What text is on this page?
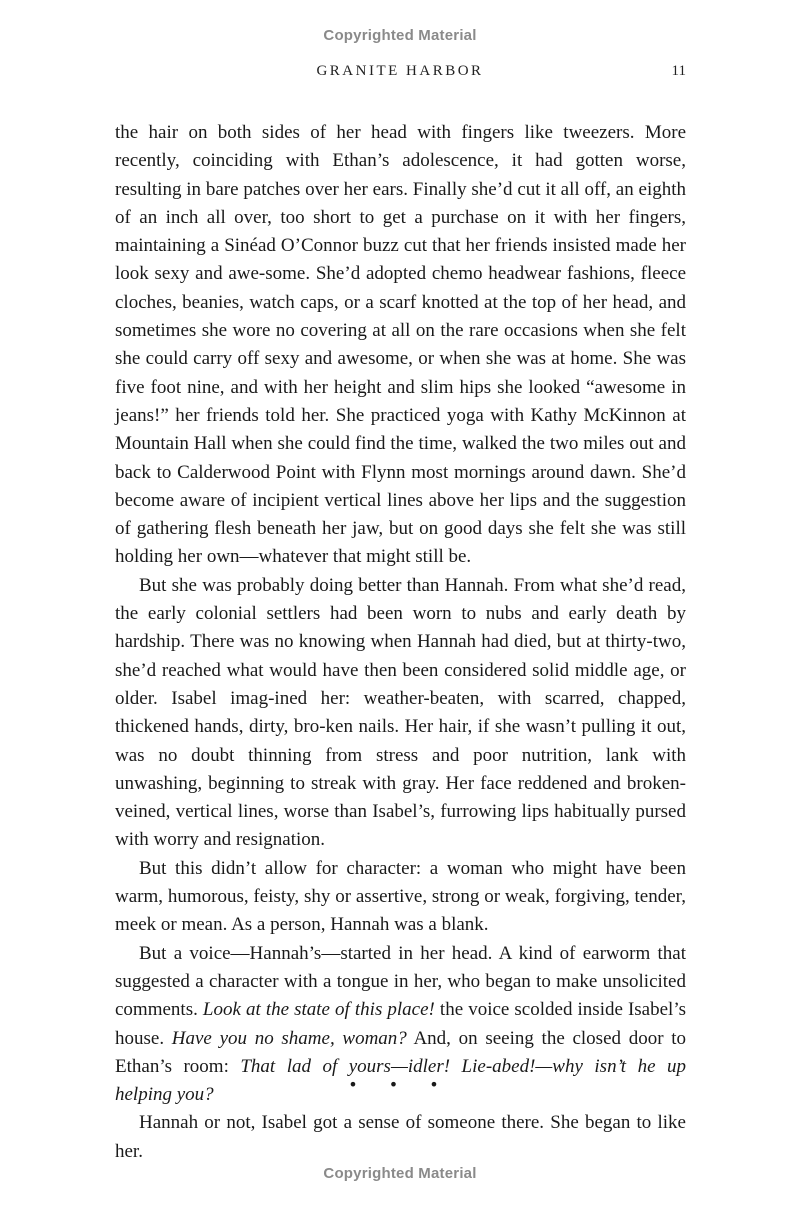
Copyrighted Material
GRANITE HARBOR	11

the hair on both sides of her head with fingers like tweezers. More recently, coinciding with Ethan’s adolescence, it had gotten worse, resulting in bare patches over her ears. Finally she’d cut it all off, an eighth of an inch all over, too short to get a purchase on it with her fingers, maintaining a Sinéad O’Connor buzz cut that her friends insisted made her look sexy and awe-some. She’d adopted chemo headwear fashions, fleece cloches, beanies, watch caps, or a scarf knotted at the top of her head, and sometimes she wore no covering at all on the rare occasions when she felt she could carry off sexy and awesome, or when she was at home. She was five foot nine, and with her height and slim hips she looked “awesome in jeans!” her friends told her. She practiced yoga with Kathy McKinnon at Mountain Hall when she could find the time, walked the two miles out and back to Calderwood Point with Flynn most mornings around dawn. She’d become aware of incipient vertical lines above her lips and the suggestion of gathering flesh beneath her jaw, but on good days she felt she was still holding her own—whatever that might still be.

But she was probably doing better than Hannah. From what she’d read, the early colonial settlers had been worn to nubs and early death by hardship. There was no knowing when Hannah had died, but at thirty-two, she’d reached what would have then been considered solid middle age, or older. Isabel imag-ined her: weather-beaten, with scarred, chapped, thickened hands, dirty, bro-ken nails. Her hair, if she wasn’t pulling it out, was no doubt thinning from stress and poor nutrition, lank with unwashing, beginning to streak with gray. Her face reddened and broken-veined, vertical lines, worse than Isabel’s, furrowing lips habitually pursed with worry and resignation.

But this didn’t allow for character: a woman who might have been warm, humorous, feisty, shy or assertive, strong or weak, forgiving, tender, meek or mean. As a person, Hannah was a blank.

But a voice—Hannah’s—started in her head. A kind of earworm that suggested a character with a tongue in her, who began to make unsolicited comments. Look at the state of this place! the voice scolded inside Isabel’s house. Have you no shame, woman? And, on seeing the closed door to Ethan’s room: That lad of yours—idler! Lie-abed!—why isn’t he up helping you?

Hannah or not, Isabel got a sense of someone there. She began to like her.

• • •
Copyrighted Material
